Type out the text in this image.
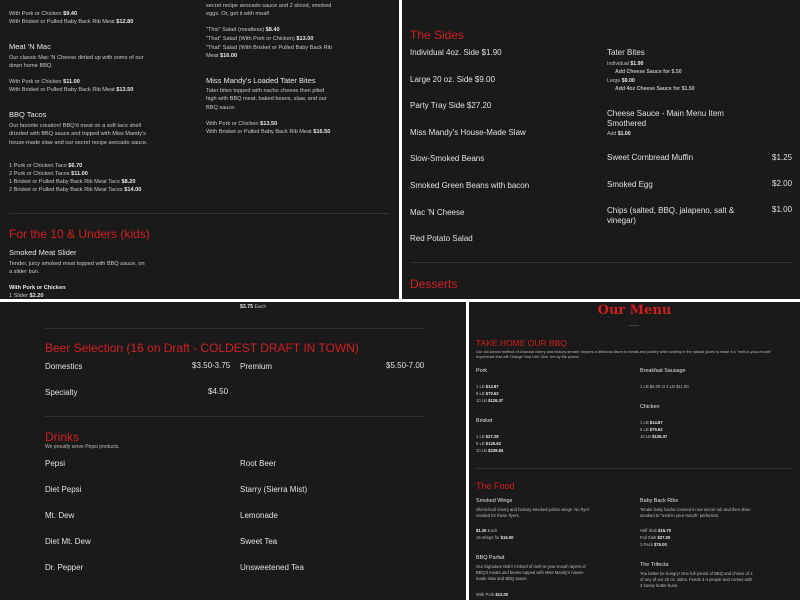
With Pork or Chicken $9.40
With Brisket or Pulled Baby Back Rib Meat $12.80
Meat 'N Mac
Our classic Mac 'N Cheese dirtied up with some of our down home BBQ.
With Pork or Chicken $11.00
With Brisket or Pulled Baby Back Rib Meat $13.50
BBQ Tacos
Our favorite creation! BBQ'd meat on a soft taco shell drizzled with BBQ sauce and topped with Miss Mandy's house-made slaw and our secret recipe avocado sauce.
1 Pork or Chicken Taco $6.70
2 Pork or Chicken Tacos $11.00
1 Brisket or Pulled Baby Back Rib Meat Taco $8.20
2 Brisket or Pulled Baby Back Rib Meat Tacos $14.00
secret recipe avocado sauce and 2 sliced, smoked eggs. Or, get it with meat!
"This" Salad (meatless) $8.40
"That" Salad (With Pork or Chicken) $13.00
"That" Salad (With Brisket or Pulled Baby Back Rib Meat $16.00
Miss Mandy's Loaded Tater Bites
Tater bites topped with nacho cheese then piled high with BBQ meat, baked beans, slaw, and our BBQ sauce.
With Pork or Chicken $13.50
With Brisket or Pulled Baby Back Rib Meat $16.50
For the 10 & Unders (kids)
Smoked Meat Slider
Tender, juicy smoked meat topped with BBQ sauce, on a slider bun.
With Pork or Chicken
1 Slider $2.20
The Sides
Individual 4oz. Side $1.90
Large 20 oz. Side $9.00
Party Tray Side $27.20
Miss Mandy's House-Made Slaw
Slow-Smoked Beans
Smoked Green Beans with bacon
Mac 'N Cheese
Red Potato Salad
Tater Bites
Individual $1.90
Add Cheese Sauce for $.50
Large $9.00
Add 4oz Cheese Sauce for $1.50
Cheese Sauce - Main Menu Item Smothered
Add $1.00
Sweet Cornbread Muffin	$1.25
Smoked Egg	$2.00
Chips (salted, BBQ, jalapeno, salt & vinegar)
$1.00
Desserts
$3.75 Each
Beer Selection (16 on Draft - COLDEST DRAFT IN TOWN)
Domestics	$3.50-3.75 Premium	$5.50-7.00
Specialty	$4.50
Drinks
We proudly serve Pepsi products.
Pepsi
Diet Pepsi
Mt. Dew
Diet Mt. Dew
Dr. Pepper
Root Beer
Starry (Sierra Mist)
Lemonade
Sweet Tea
Unsweetened Tea
Our Menu
TAKE HOME OUR BBQ
Our old-school method of charcoal cherry and hickory-smokin' imparts a delicious flavor to meats and poultry while sealing in the natural juices to make it a "melt-in-your-mouth" experience that will Change Your Life! Give 'em by the pound.
Pork
1 LB $14.87
5 LB $70.62
10 LB $126.37
Brisket
1 LB $27.28
5 LB $125.62
10 LB $239.84
Breakfast Sausage
1 LB $6.00 or 2 LB $11.00
Chicken
1 LB $14.87
5 LB $70.62
10 LB $126.37
The Food
Smoked Wings
Old-school cherry and hickory-smoked jumbo wings. No fryer needed for these flyers.
$1.25 Each
16 Wings for $16.00
BBQ Parfait
Our Signature Dish! A blend of melt-in-your-mouth layers of BBQ'd meats and beans topped with Miss Mandy's house-made slaw and BBQ sauce.
With Pork $12.00
Baby Back Ribs
Tender baby backs covered in our secret rub and then slow-smoked to "melt-in-your-mouth" perfection.
Half Slab $15.70
Full Slab $27.00
3 Pack $75.00
The Trifecta
You better be hungry! One full pound of BBQ and choice of 2 of any of our 20 oz. sides. Feeds 3-4 people and comes with 3 honey butter buns.
